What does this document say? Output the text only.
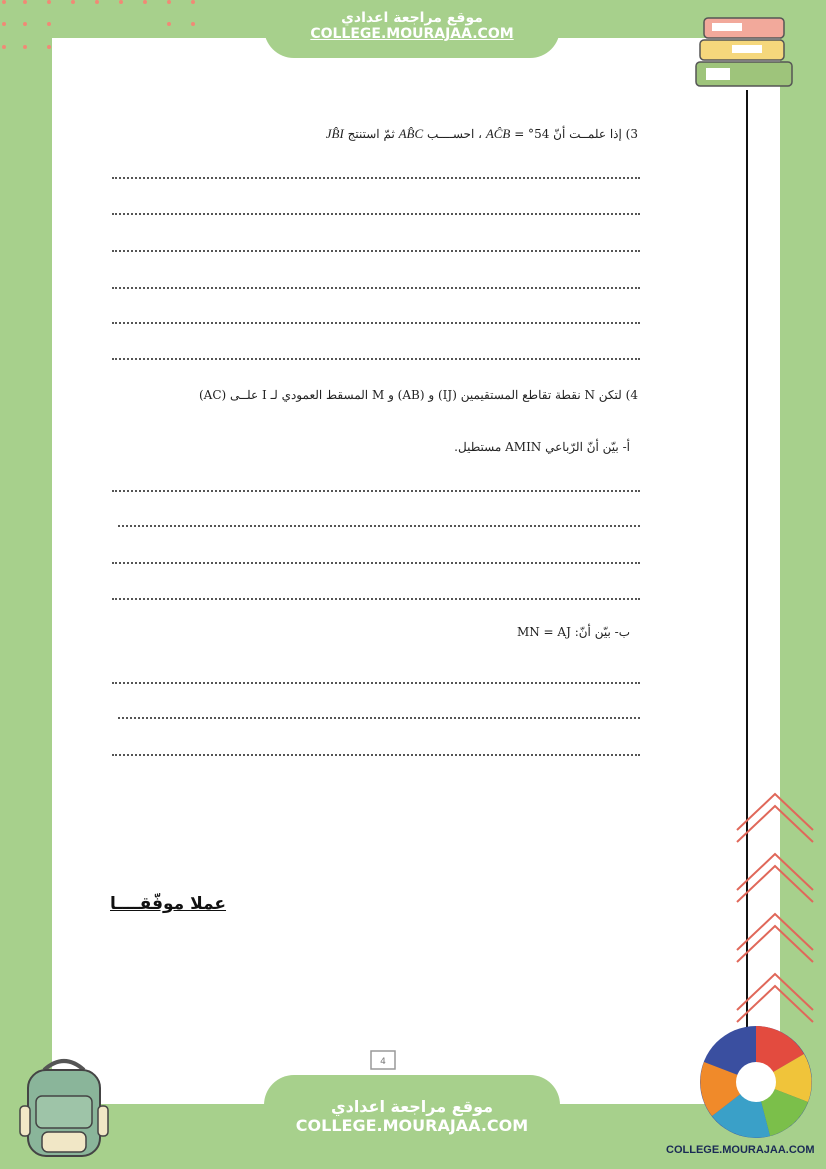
موقع مراجعة اعدادي
COLLEGE.MOURAJAA.COM
3) إذا علمــت أنّ 54° = AĈB ، احســــب AB̂C ثمّ استنتج JB̂I
4) لتكن N نقطة تقاطع المستقيمين (IJ) و (AB) و M المسقط العمودي لـ I علــى (AC)
أ- بيّن أنّ الرّباعي AMIN مستطيل.
ب- بيّن أنّ: MN = AJ
عملا موفّقــــا
4
موقع مراجعة اعدادي
COLLEGE.MOURAJAA.COM
COLLEGE.MOURAJAA.COM
